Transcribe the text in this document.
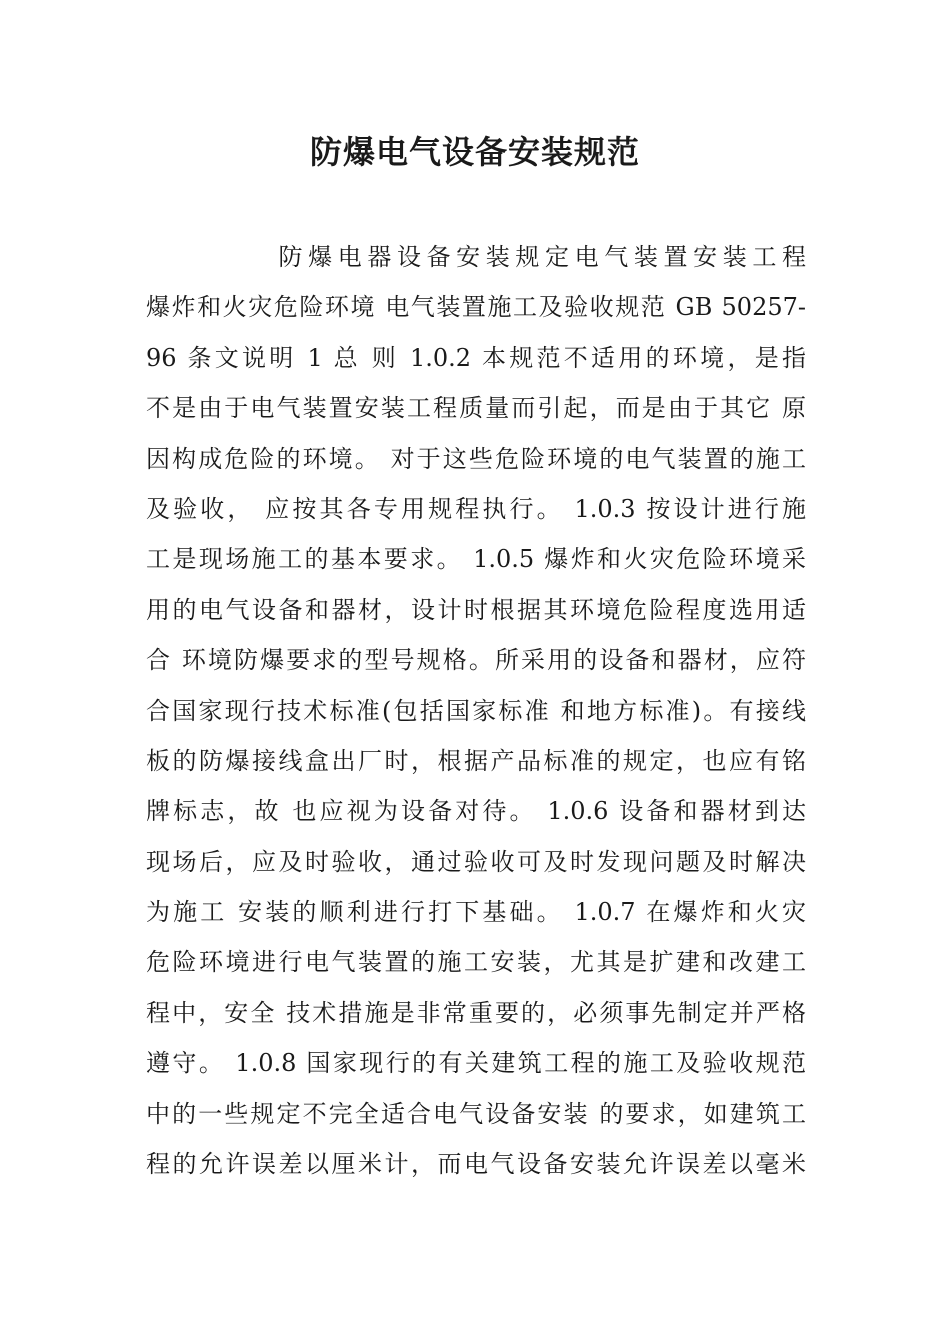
防爆电气设备安装规范
防爆电器设备安装规定电气装置安装工程
爆炸和火灾危险环境 电气装置施工及验收规范 GB 50257-
96 条文说明 1 总 则 1.0.2 本规范不适用的环境，是指
不是由于电气装置安装工程质量而引起，而是由于其它 原
因构成危险的环境。 对于这些危险环境的电气装置的施工
及验收， 应按其各专用规程执行。 1.0.3 按设计进行施
工是现场施工的基本要求。 1.0.5 爆炸和火灾危险环境采
用的电气设备和器材，设计时根据其环境危险程度选用适
合 环境防爆要求的型号规格。所采用的设备和器材，应符
合国家现行技术标准(包括国家标准 和地方标准)。有接线
板的防爆接线盒出厂时，根据产品标准的规定，也应有铭
牌标志，故 也应视为设备对待。 1.0.6 设备和器材到达
现场后，应及时验收，通过验收可及时发现问题及时解决
为施工 安装的顺利进行打下基础。 1.0.7 在爆炸和火灾
危险环境进行电气装置的施工安装，尤其是扩建和改建工
程中，安全 技术措施是非常重要的，必须事先制定并严格
遵守。 1.0.8 国家现行的有关建筑工程的施工及验收规范
中的一些规定不完全适合电气设备安装 的要求，如建筑工
程的允许误差以厘米计，而电气设备安装允许误差以毫米
